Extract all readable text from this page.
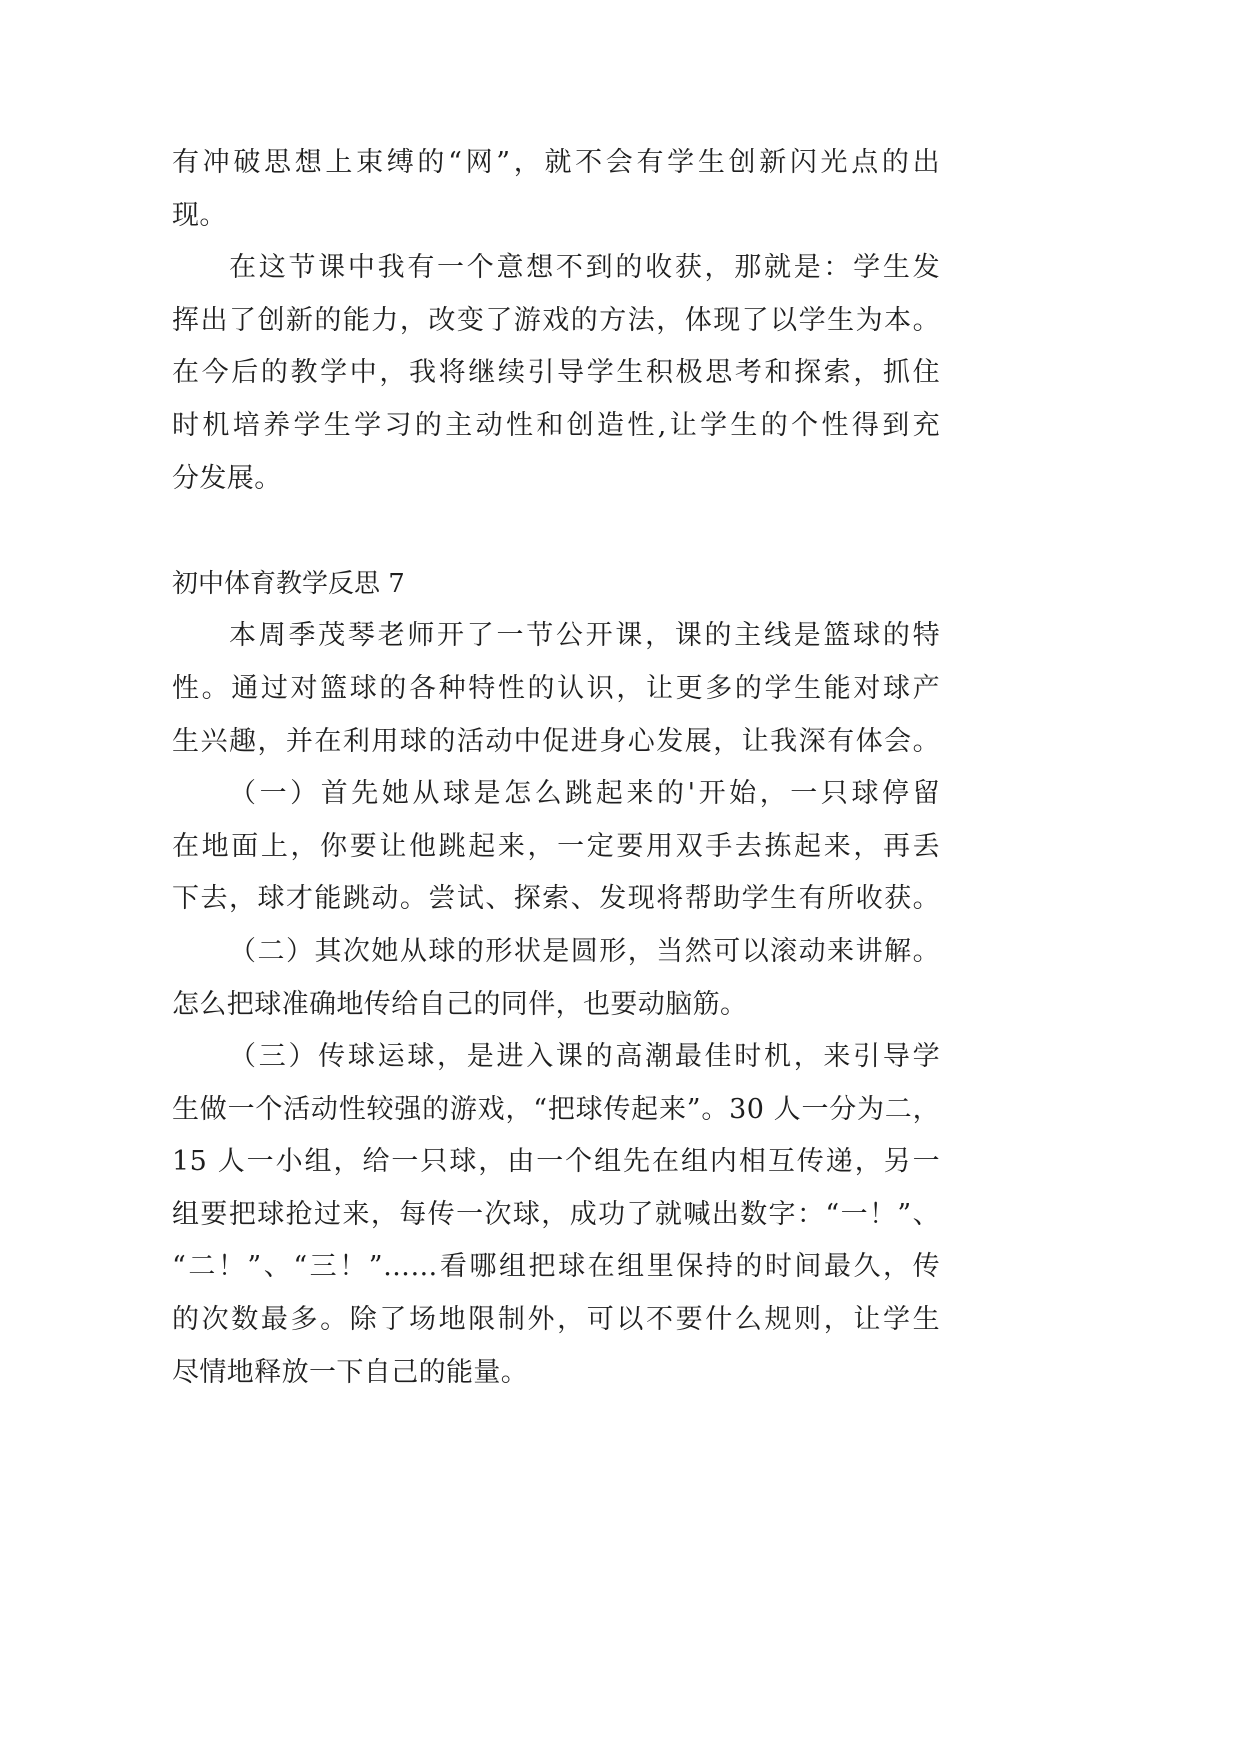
有冲破思想上束缚的“网”，就不会有学生创新闪光点的出
现。
在这节课中我有一个意想不到的收获，那就是：学生发
挥出了创新的能力，改变了游戏的方法，体现了以学生为本。
在今后的教学中，我将继续引导学生积极思考和探索，抓住
时机培养学生学习的主动性和创造性,让学生的个性得到充
分发展。
初中体育教学反思 7
本周季茂琴老师开了一节公开课，课的主线是篮球的特
性。通过对篮球的各种特性的认识，让更多的学生能对球产
生兴趣，并在利用球的活动中促进身心发展，让我深有体会。
（一）首先她从球是怎么跳起来的'开始，一只球停留
在地面上，你要让他跳起来，一定要用双手去拣起来，再丢
下去，球才能跳动。尝试、探索、发现将帮助学生有所收获。
（二）其次她从球的形状是圆形，当然可以滚动来讲解。
怎么把球准确地传给自己的同伴，也要动脑筋。
（三）传球运球，是进入课的高潮最佳时机，来引导学
生做一个活动性较强的游戏，“把球传起来”。30 人一分为二，
15 人一小组，给一只球，由一个组先在组内相互传递，另一
组要把球抢过来，每传一次球，成功了就喊出数字：“一！”、
“二！”、“三！”……看哪组把球在组里保持的时间最久，传
的次数最多。除了场地限制外，可以不要什么规则，让学生
尽情地释放一下自己的能量。
